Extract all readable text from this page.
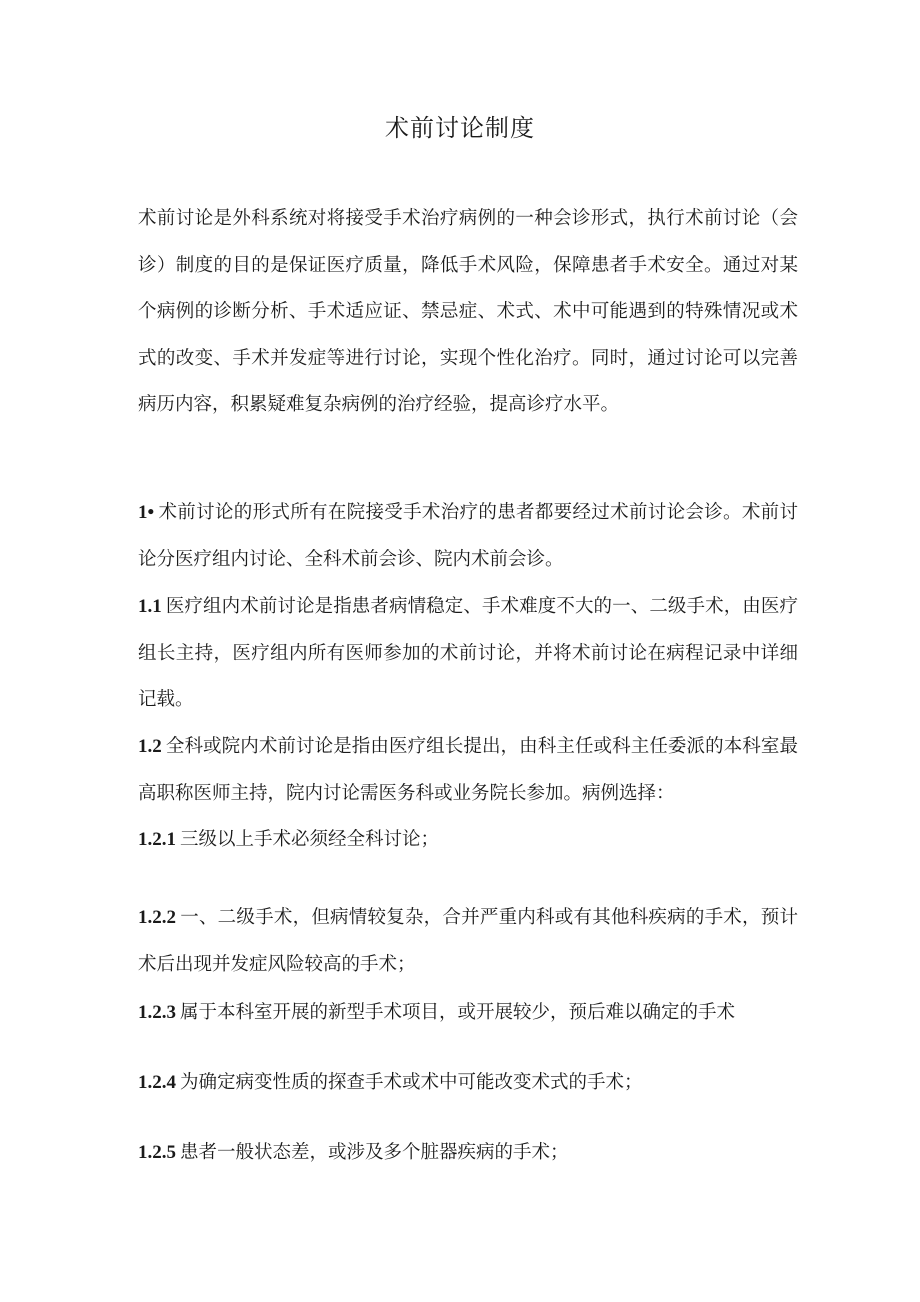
术前讨论制度

术前讨论是外科系统对将接受手术治疗病例的一种会诊形式，执行术前讨论（会诊）制度的目的是保证医疗质量，降低手术风险，保障患者手术安全。通过对某个病例的诊断分析、手术适应证、禁忌症、术式、术中可能遇到的特殊情况或术式的改变、手术并发症等进行讨论，实现个性化治疗。同时，通过讨论可以完善病历内容，积累疑难复杂病例的治疗经验，提高诊疗水平。

1• 术前讨论的形式所有在院接受手术治疗的患者都要经过术前讨论会诊。术前讨论分医疗组内讨论、全科术前会诊、院内术前会诊。

1.1 医疗组内术前讨论是指患者病情稳定、手术难度不大的一、二级手术，由医疗组长主持，医疗组内所有医师参加的术前讨论，并将术前讨论在病程记录中详细记载。

1.2 全科或院内术前讨论是指由医疗组长提出，由科主任或科主任委派的本科室最高职称医师主持，院内讨论需医务科或业务院长参加。病例选择：

1.2.1 三级以上手术必须经全科讨论；

1.2.2 一、二级手术，但病情较复杂，合并严重内科或有其他科疾病的手术，预计术后出现并发症风险较高的手术；

1.2.3 属于本科室开展的新型手术项目，或开展较少，预后难以确定的手术

1.2.4 为确定病变性质的探查手术或术中可能改变术式的手术；

1.2.5 患者一般状态差，或涉及多个脏器疾病的手术；
